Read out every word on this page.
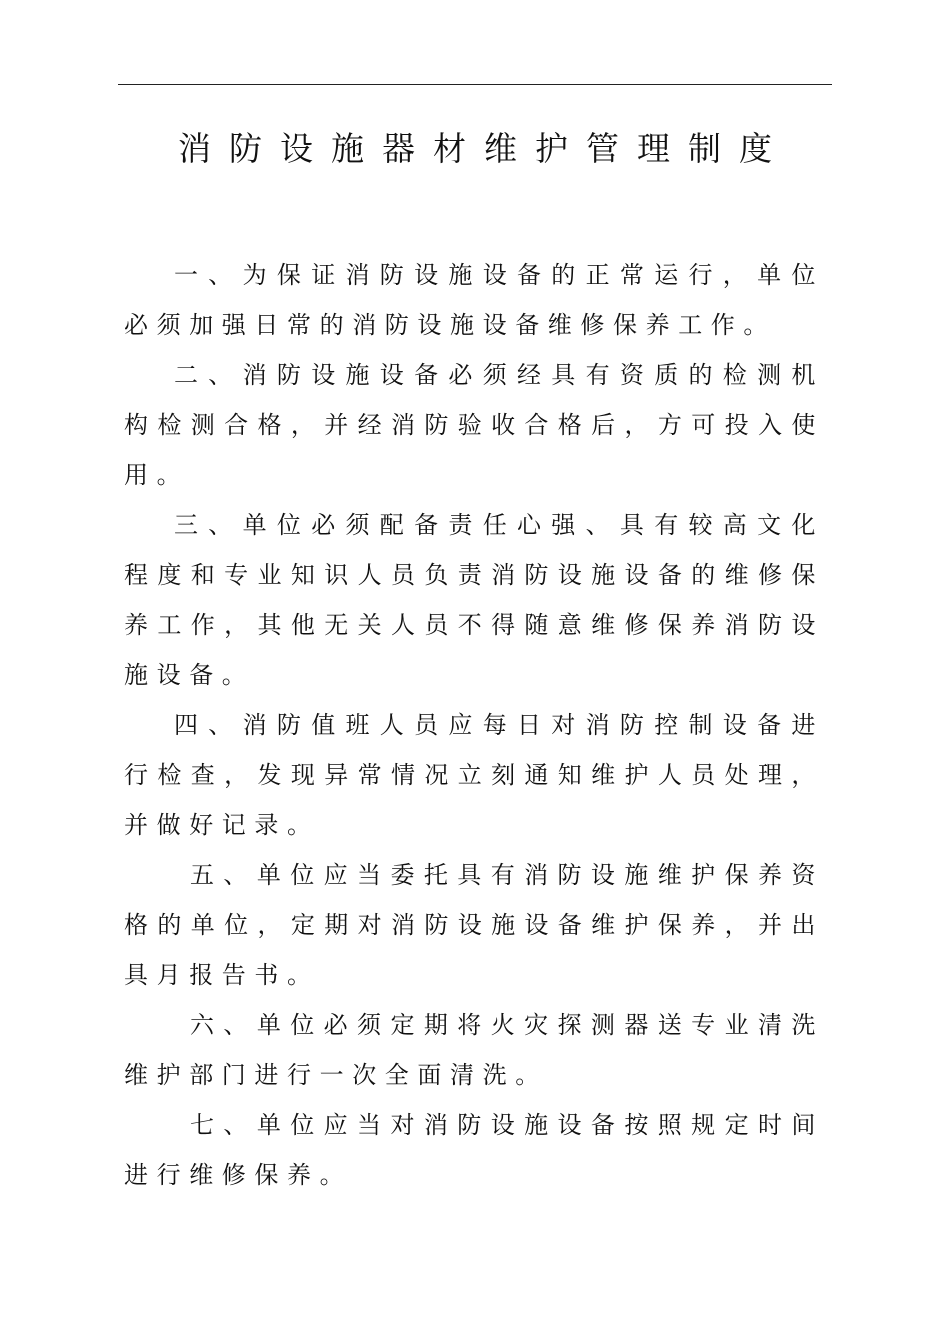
消防设施器材维护管理制度

一、为保证消防设施设备的正常运行，单位必须加强日常的消防设施设备维修保养工作。

二、消防设施设备必须经具有资质的检测机构检测合格，并经消防验收合格后，方可投入使用。

三、单位必须配备责任心强、具有较高文化程度和专业知识人员负责消防设施设备的维修保养工作，其他无关人员不得随意维修保养消防设施设备。

四、消防值班人员应每日对消防控制设备进行检查，发现异常情况立刻通知维护人员处理，并做好记录。

五、单位应当委托具有消防设施维护保养资格的单位，定期对消防设施设备维护保养，并出具月报告书。

六、单位必须定期将火灾探测器送专业清洗维护部门进行一次全面清洗。

七、单位应当对消防设施设备按照规定时间进行维修保养。
